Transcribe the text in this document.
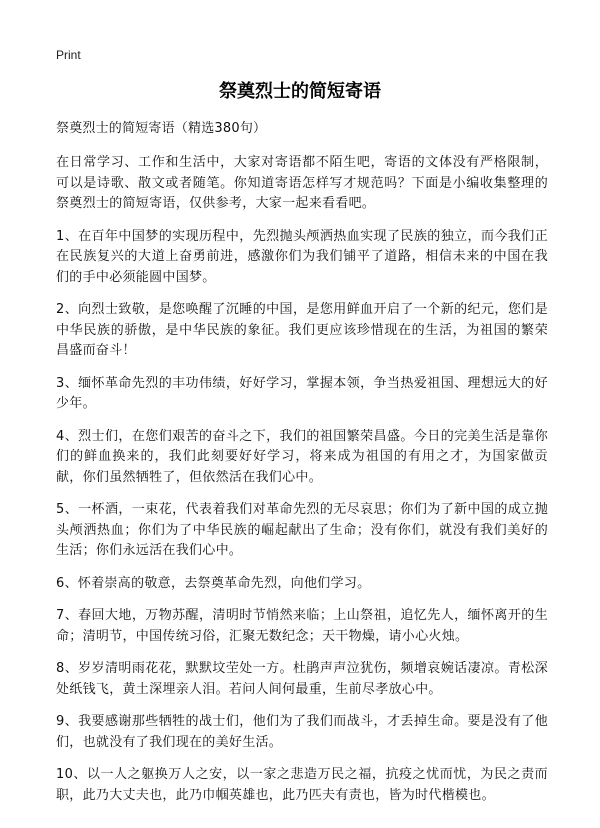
Print
祭奠烈士的简短寄语

祭奠烈士的简短寄语（精选380句）

在日常学习、工作和生活中，大家对寄语都不陌生吧，寄语的文体没有严格限制，可以是诗歌、散文或者随笔。你知道寄语怎样写才规范吗？下面是小编收集整理的祭奠烈士的简短寄语，仅供参考，大家一起来看看吧。

1、在百年中国梦的实现历程中，先烈抛头颅洒热血实现了民族的独立，而今我们正在民族复兴的大道上奋勇前进，感激你们为我们铺平了道路，相信未来的中国在我们的手中必须能圆中国梦。

2、向烈士致敬，是您唤醒了沉睡的中国，是您用鲜血开启了一个新的纪元，您们是中华民族的骄傲，是中华民族的象征。我们更应该珍惜现在的生活，为祖国的繁荣昌盛而奋斗！

3、缅怀革命先烈的丰功伟绩，好好学习，掌握本领，争当热爱祖国、理想远大的好少年。

4、烈士们，在您们艰苦的奋斗之下，我们的祖国繁荣昌盛。今日的完美生活是靠你们的鲜血换来的，我们此刻要好好学习，将来成为祖国的有用之才，为国家做贡献，你们虽然牺牲了，但依然活在我们心中。

5、一杯酒，一束花，代表着我们对革命先烈的无尽哀思；你们为了新中国的成立抛头颅洒热血；你们为了中华民族的崛起献出了生命；没有你们，就没有我们美好的生活；你们永远活在我们心中。

6、怀着崇高的敬意，去祭奠革命先烈，向他们学习。

7、春回大地，万物苏醒，清明时节悄然来临；上山祭祖，追忆先人，缅怀离开的生命；清明节，中国传统习俗，汇聚无数纪念；天干物燥，请小心火烛。

8、岁岁清明雨花花，默默坟茔处一方。杜鹃声声泣犹伤，频增哀婉话凄凉。青松深处纸钱飞，黄土深埋亲人泪。若问人间何最重，生前尽孝放心中。

9、我要感谢那些牺牲的战士们，他们为了我们而战斗，才丢掉生命。要是没有了他们，也就没有了我们现在的美好生活。

10、以一人之躯换万人之安，以一家之悲造万民之福，抗疫之忧而忧，为民之责而职，此乃大丈夫也，此乃巾帼英雄也，此乃匹夫有责也，皆为时代楷模也。
